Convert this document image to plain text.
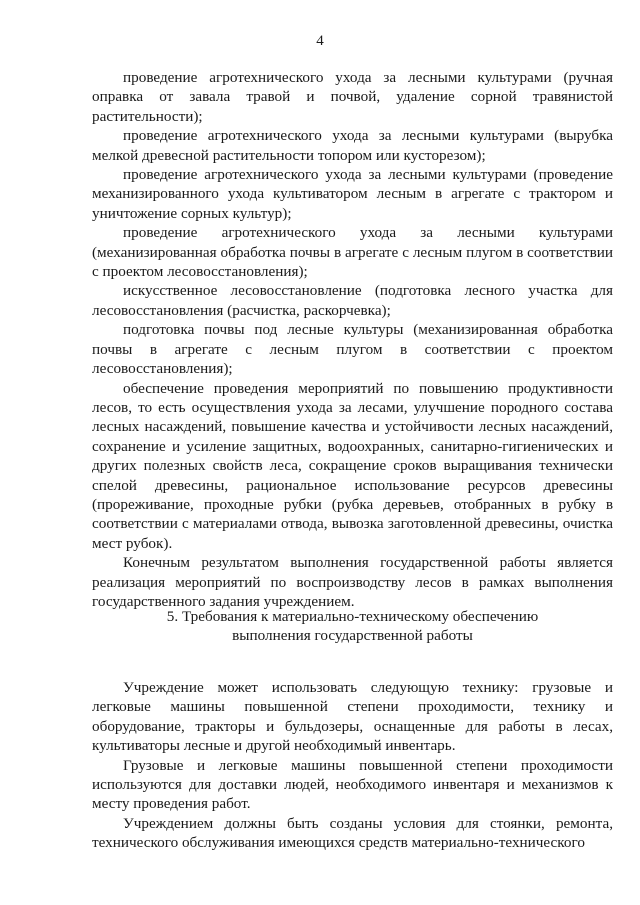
4

проведение агротехнического ухода за лесными культурами (ручная оправка от завала травой и почвой, удаление сорной травянистой растительности);

проведение агротехнического ухода за лесными культурами (вырубка мелкой древесной растительности топором или кусторезом);

проведение агротехнического ухода за лесными культурами (проведение механизированного ухода культиватором лесным в агрегате с трактором и уничтожение сорных культур);

проведение агротехнического ухода за лесными культурами (механизированная обработка почвы в агрегате с лесным плугом в соответствии с проектом лесовосстановления);

искусственное лесовосстановление (подготовка лесного участка для лесовосстановления (расчистка, раскорчевка);

подготовка почвы под лесные культуры (механизированная обработка почвы в агрегате с лесным плугом в соответствии с проектом лесовосстановления);

обеспечение проведения мероприятий по повышению продуктивности лесов, то есть осуществления ухода за лесами, улучшение породного состава лесных насаждений, повышение качества и устойчивости лесных насаждений, сохранение и усиление защитных, водоохранных, санитарно-гигиенических и других полезных свойств леса, сокращение сроков выращивания технически спелой древесины, рациональное использование ресурсов древесины (прореживание, проходные рубки (рубка деревьев, отобранных в рубку в соответствии с материалами отвода, вывозка заготовленной древесины, очистка мест рубок).

Конечным результатом выполнения государственной работы является реализация мероприятий по воспроизводству лесов в рамках выполнения государственного задания учреждением.

5. Требования к материально-техническому обеспечению
выполнения государственной работы

Учреждение может использовать следующую технику: грузовые и легковые машины повышенной степени проходимости, технику и оборудование, тракторы и бульдозеры, оснащенные для работы в лесах, культиваторы лесные и другой необходимый инвентарь.

Грузовые и легковые машины повышенной степени проходимости используются для доставки людей, необходимого инвентаря и механизмов к месту проведения работ.

Учреждением должны быть созданы условия для стоянки, ремонта, технического обслуживания имеющихся средств материально-технического
